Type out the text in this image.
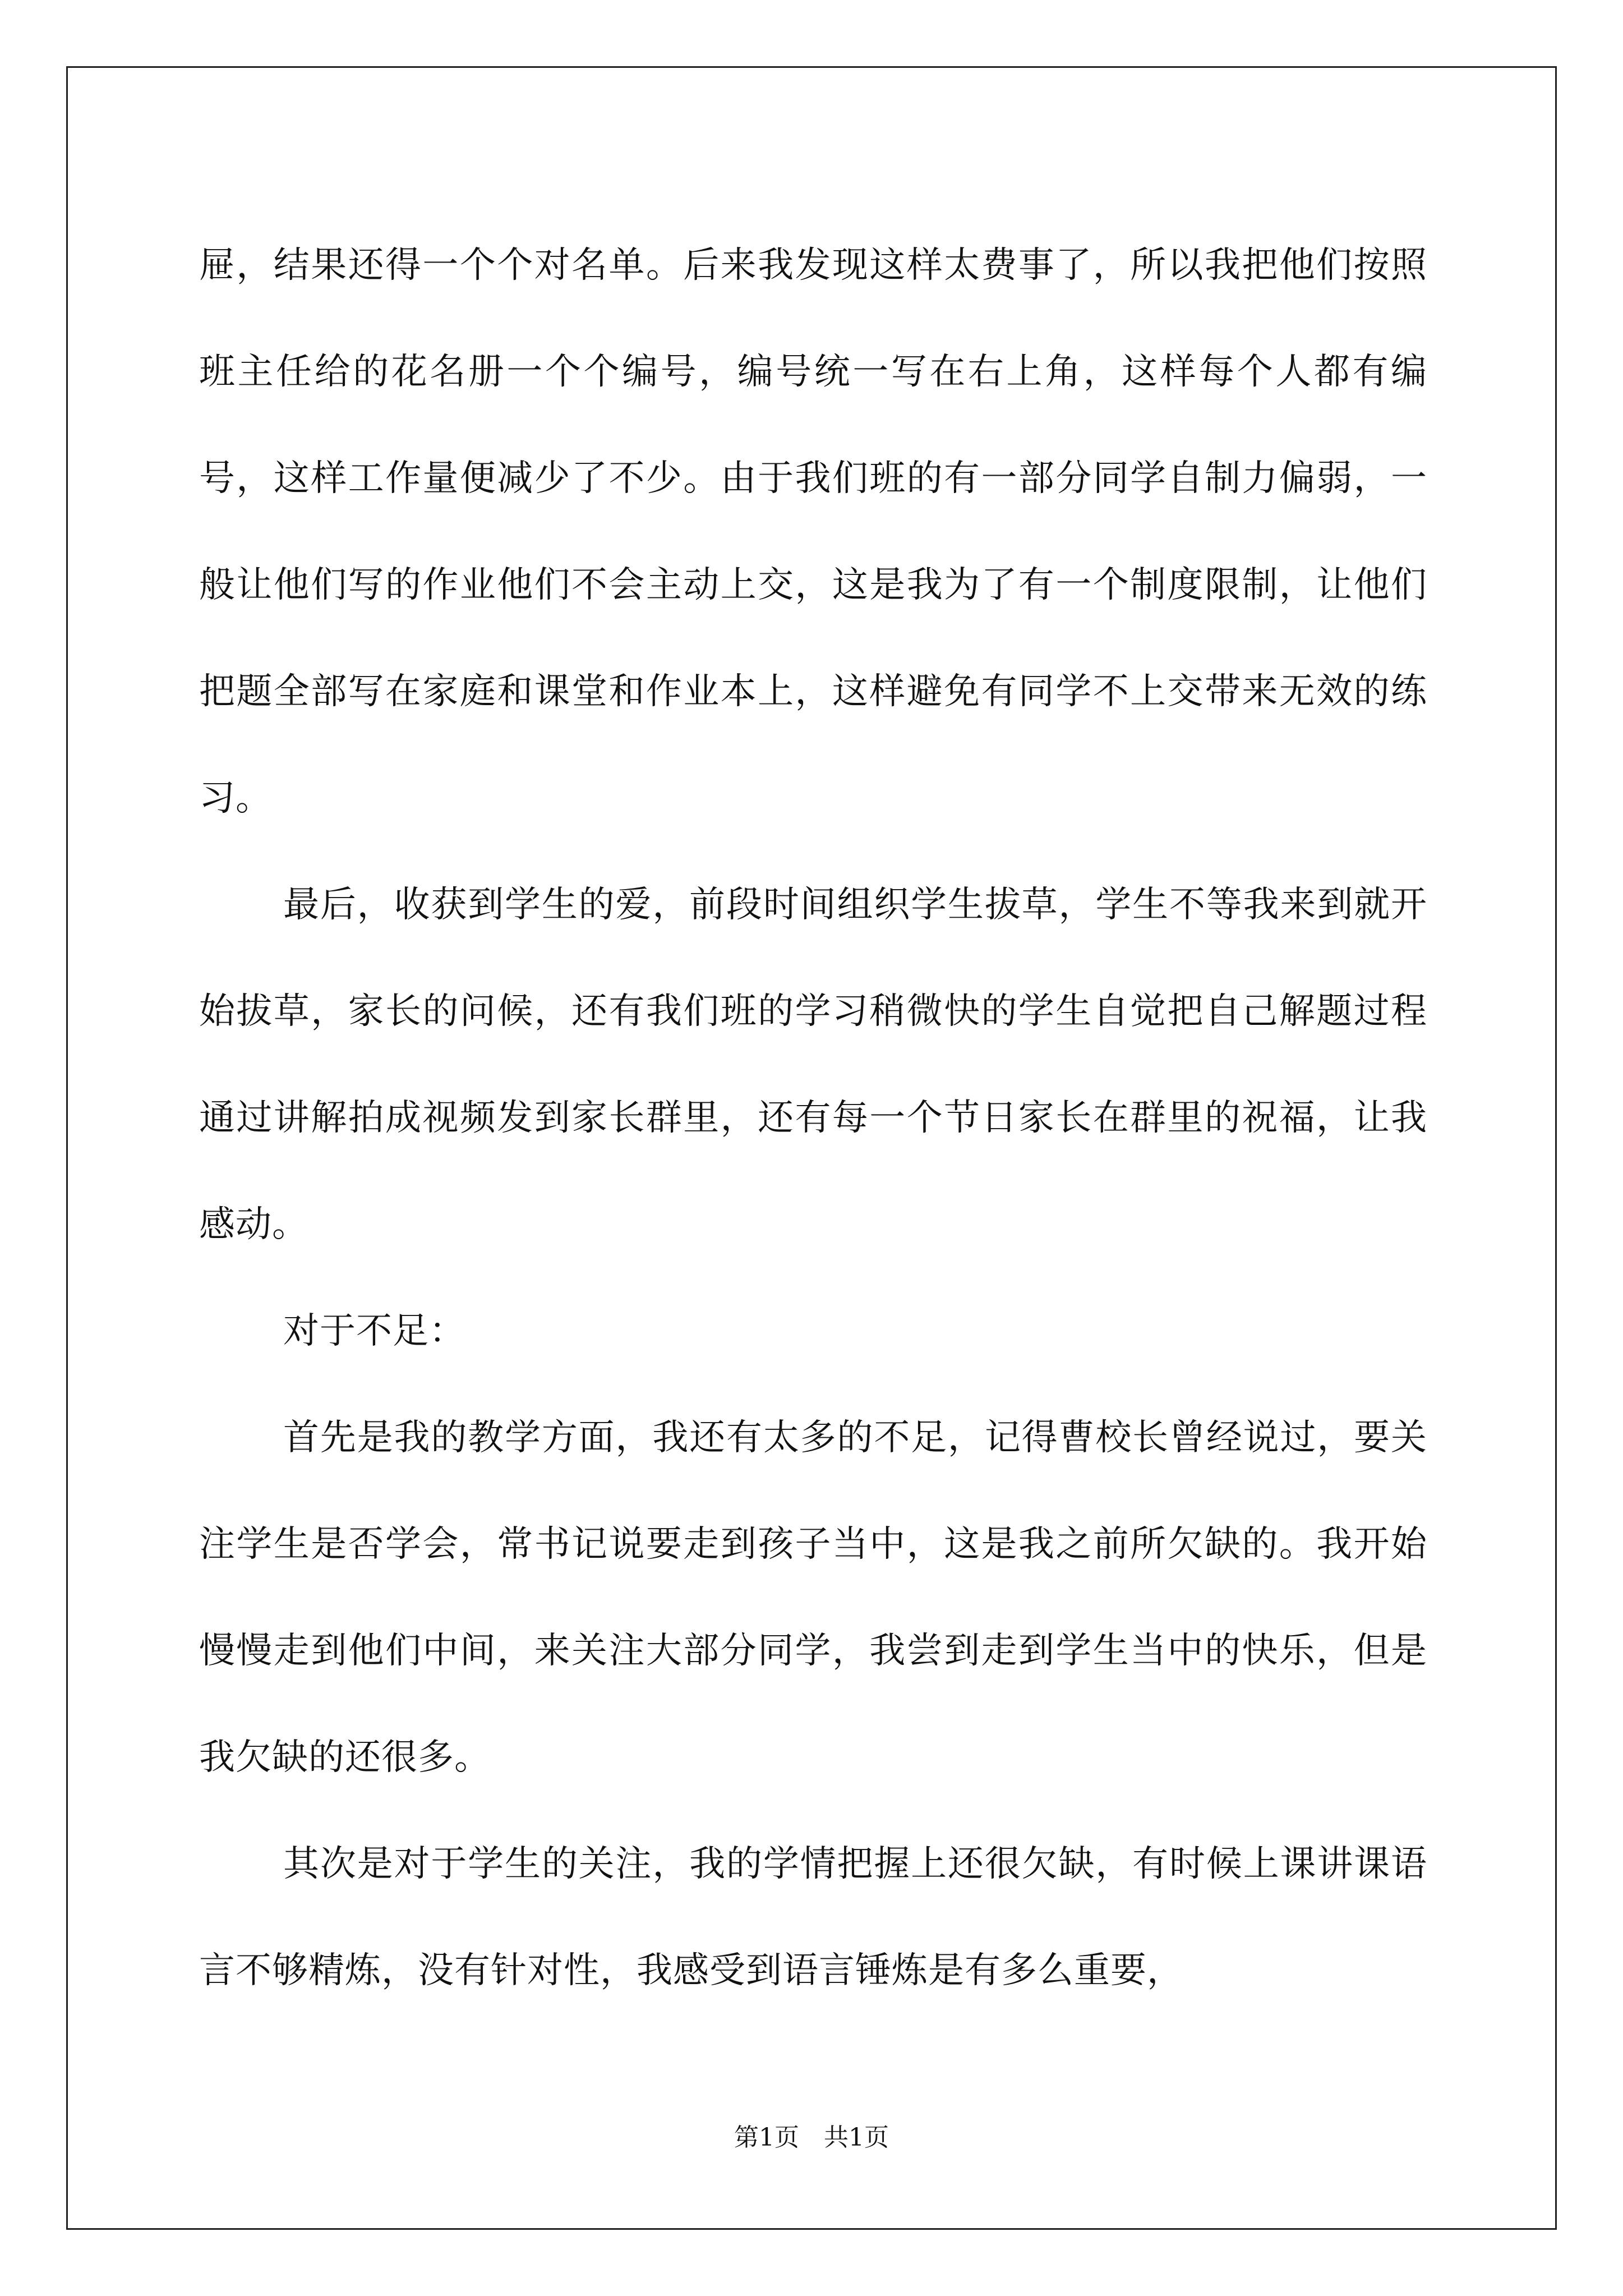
屉，结果还得一个个对名单。后来我发现这样太费事了，所以我把他们按照班主任给的花名册一个个编号，编号统一写在右上角，这样每个人都有编号，这样工作量便减少了不少。由于我们班的有一部分同学自制力偏弱，一般让他们写的作业他们不会主动上交，这是我为了有一个制度限制，让他们把题全部写在家庭和课堂和作业本上，这样避免有同学不上交带来无效的练习。

最后，收获到学生的爱，前段时间组织学生拔草，学生不等我来到就开始拔草，家长的问候，还有我们班的学习稍微快的学生自觉把自己解题过程通过讲解拍成视频发到家长群里，还有每一个节日家长在群里的祝福，让我感动。

对于不足：

首先是我的教学方面，我还有太多的不足，记得曹校长曾经说过，要关注学生是否学会，常书记说要走到孩子当中，这是我之前所欠缺的。我开始慢慢走到他们中间，来关注大部分同学，我尝到走到学生当中的快乐，但是我欠缺的还很多。

其次是对于学生的关注，我的学情把握上还很欠缺，有时候上课讲课语言不够精炼，没有针对性，我感受到语言锤炼是有多么重要，

第1页　共1页
